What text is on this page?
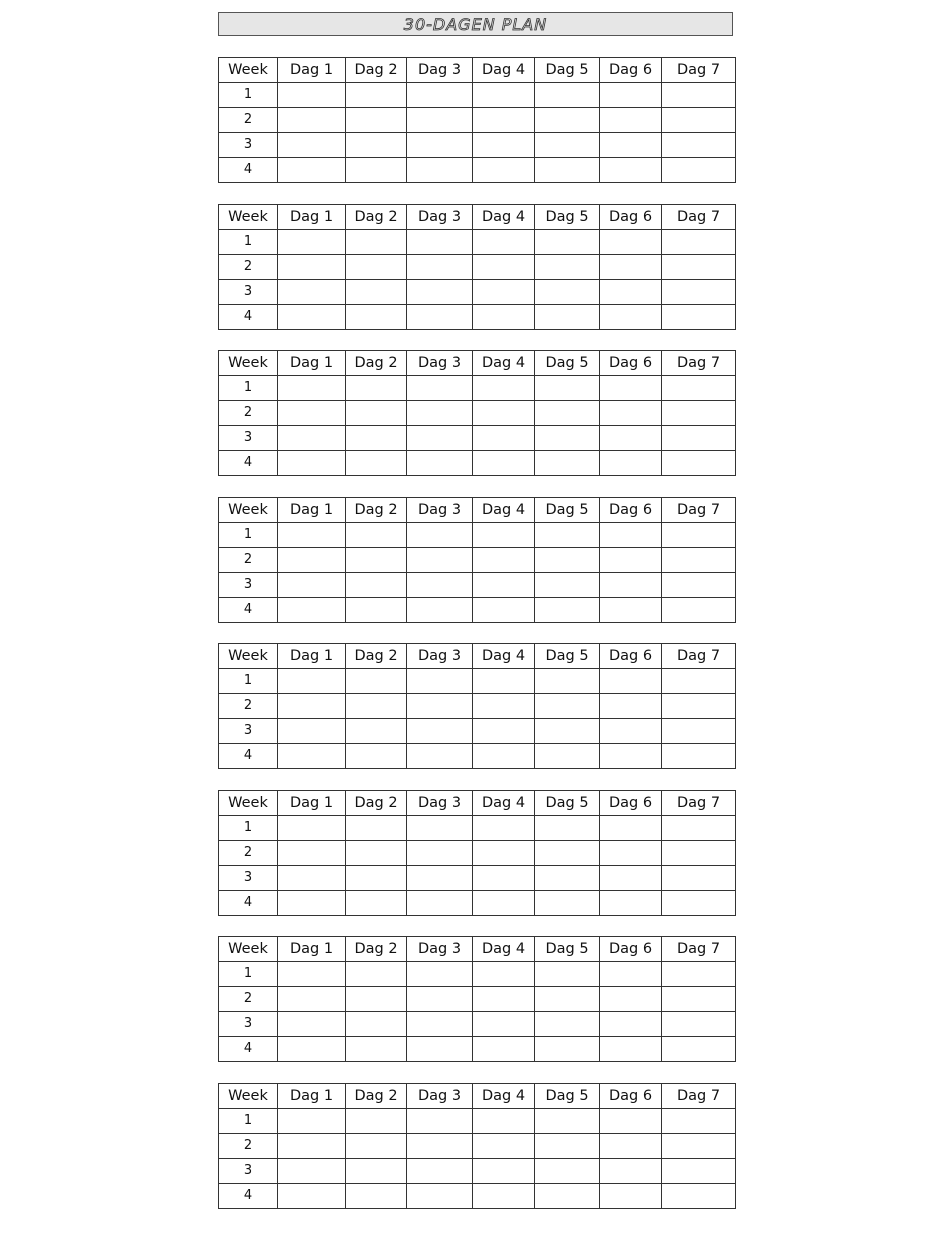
30-DAGEN PLAN
Week	Dag 1	Dag 2	Dag 3	Dag 4	Dag 5	Dag 6	Dag 7
1							
2							
3							
4							
Week	Dag 1	Dag 2	Dag 3	Dag 4	Dag 5	Dag 6	Dag 7
1							
2							
3							
4							
Week	Dag 1	Dag 2	Dag 3	Dag 4	Dag 5	Dag 6	Dag 7
1							
2							
3							
4							
Week	Dag 1	Dag 2	Dag 3	Dag 4	Dag 5	Dag 6	Dag 7
1							
2							
3							
4							
Week	Dag 1	Dag 2	Dag 3	Dag 4	Dag 5	Dag 6	Dag 7
1							
2							
3							
4							
Week	Dag 1	Dag 2	Dag 3	Dag 4	Dag 5	Dag 6	Dag 7
1							
2							
3							
4							
Week	Dag 1	Dag 2	Dag 3	Dag 4	Dag 5	Dag 6	Dag 7
1							
2							
3							
4							
Week	Dag 1	Dag 2	Dag 3	Dag 4	Dag 5	Dag 6	Dag 7
1							
2							
3							
4							
